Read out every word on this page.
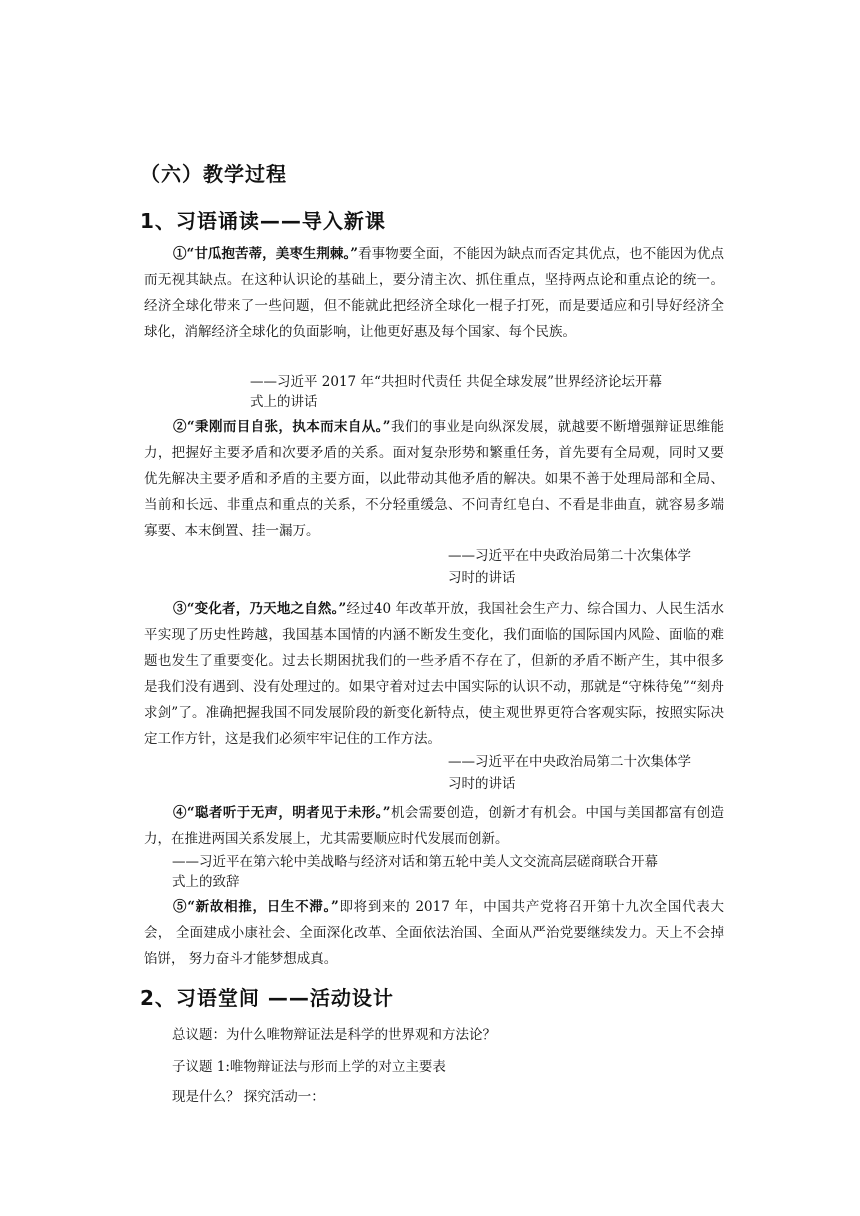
（六）教学过程
1、习语诵读——导入新课
①“甘瓜抱苦蒂，美枣生荆棘。”看事物要全面，不能因为缺点而否定其优点，也不能因为优点而无视其缺点。在这种认识论的基础上，要分清主次、抓住重点，坚持两点论和重点论的统一。经济全球化带来了一些问题，但不能就此把经济全球化一棍子打死，而是要适应和引导好经济全球化，消解经济全球化的负面影响，让他更好惠及每个国家、每个民族。
——习近平 2017 年“共担时代责任 共促全球发展”世界经济论坛开幕
式上的讲话
②“秉刚而目自张，执本而末自从。”我们的事业是向纵深发展，就越要不断增强辩证思维能力，把握好主要矛盾和次要矛盾的关系。面对复杂形势和繁重任务，首先要有全局观，同时又要优先解决主要矛盾和矛盾的主要方面，以此带动其他矛盾的解决。如果不善于处理局部和全局、当前和长远、非重点和重点的关系，不分轻重缓急、不问青红皂白、不看是非曲直，就容易多端寡要、本末倒置、挂一漏万。
——习近平在中央政治局第二十次集体学
习时的讲话
③“变化者，乃天地之自然。”经过40 年改革开放，我国社会生产力、综合国力、人民生活水平实现了历史性跨越，我国基本国情的内涵不断发生变化，我们面临的国际国内风险、面临的难题也发生了重要变化。过去长期困扰我们的一些矛盾不存在了，但新的矛盾不断产生，其中很多是我们没有遇到、没有处理过的。如果守着对过去中国实际的认识不动，那就是“守株待兔”“刻舟求剑”了。准确把握我国不同发展阶段的新变化新特点，使主观世界更符合客观实际，按照实际决定工作方针，这是我们必须牢牢记住的工作方法。
——习近平在中央政治局第二十次集体学
习时的讲话
④“聪者听于无声，明者见于未形。”机会需要创造，创新才有机会。中国与美国都富有创造力，在推进两国关系发展上，尤其需要顺应时代发展而创新。
——习近平在第六轮中美战略与经济对话和第五轮中美人文交流高层磋商联合开幕
式上的致辞
⑤“新故相推，日生不滞。”即将到来的 2017 年，中国共产党将召开第十九次全国代表大会， 全面建成小康社会、全面深化改革、全面依法治国、全面从严治党要继续发力。天上不会掉馅饼， 努力奋斗才能梦想成真。
2、习语堂间 ——活动设计
总议题：为什么唯物辩证法是科学的世界观和方法论？
子议题 1:唯物辩证法与形而上学的对立主要表
现是什么？ 探究活动一：
